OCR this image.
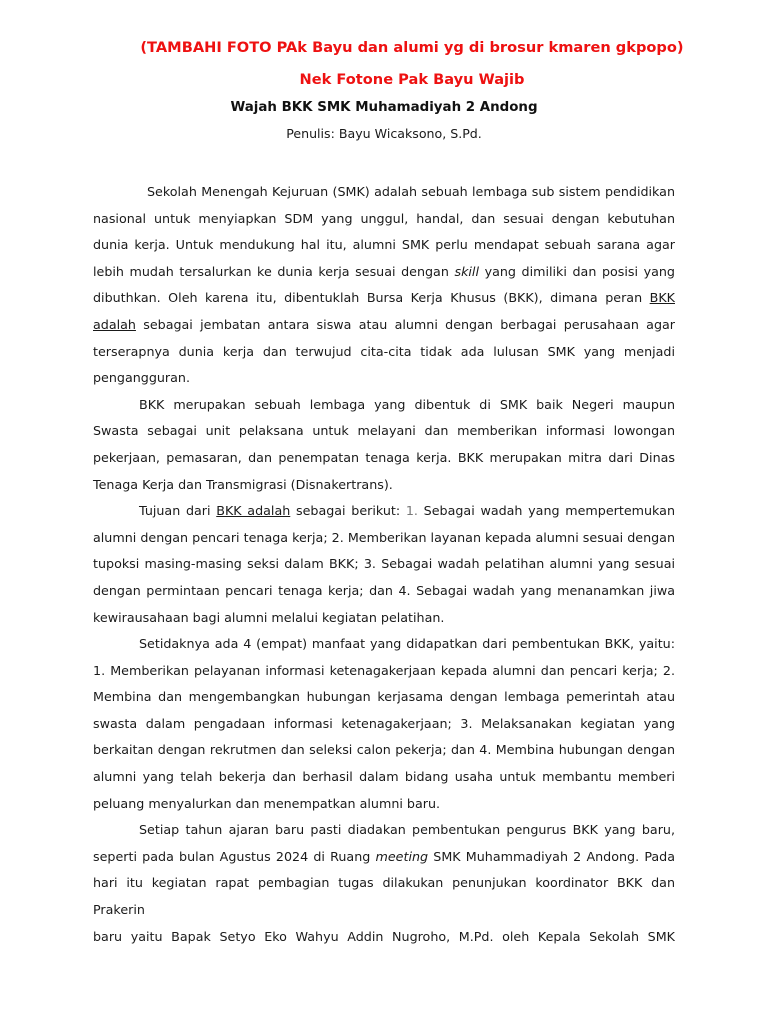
(TAMBAHI FOTO PAk Bayu dan alumi yg di brosur kmaren gkpopo)

Nek Fotone Pak Bayu Wajib

Wajah BKK SMK Muhamadiyah 2 Andong

Penulis: Bayu Wicaksono, S.Pd.

Sekolah Menengah Kejuruan (SMK) adalah sebuah lembaga sub sistem pendidikan nasional untuk menyiapkan SDM yang unggul, handal, dan sesuai dengan kebutuhan dunia kerja. Untuk mendukung hal itu, alumni SMK perlu mendapat sebuah sarana agar lebih mudah tersalurkan ke dunia kerja sesuai dengan skill yang dimiliki dan posisi yang dibuthkan. Oleh karena itu, dibentuklah Bursa Kerja Khusus (BKK), dimana peran BKK adalah sebagai jembatan antara siswa atau alumni dengan berbagai perusahaan agar terserapnya dunia kerja dan terwujud cita-cita tidak ada lulusan SMK yang menjadi pengangguran.

BKK merupakan sebuah lembaga yang dibentuk di SMK baik Negeri maupun Swasta sebagai unit pelaksana untuk melayani dan memberikan informasi lowongan pekerjaan, pemasaran, dan penempatan tenaga kerja. BKK merupakan mitra dari Dinas Tenaga Kerja dan Transmigrasi (Disnakertrans).

Tujuan dari BKK adalah sebagai berikut: 1. Sebagai wadah yang mempertemukan alumni dengan pencari tenaga kerja; 2. Memberikan layanan kepada alumni sesuai dengan tupoksi masing-masing seksi dalam BKK; 3. Sebagai wadah pelatihan alumni yang sesuai dengan permintaan pencari tenaga kerja; dan 4. Sebagai wadah yang menanamkan jiwa kewirausahaan bagi alumni melalui kegiatan pelatihan.

Setidaknya ada 4 (empat) manfaat yang didapatkan dari pembentukan BKK, yaitu: 1. Memberikan pelayanan informasi ketenagakerjaan kepada alumni dan pencari kerja; 2. Membina dan mengembangkan hubungan kerjasama dengan lembaga pemerintah atau swasta dalam pengadaan informasi ketenagakerjaan; 3. Melaksanakan kegiatan yang berkaitan dengan rekrutmen dan seleksi calon pekerja; dan 4. Membina hubungan dengan alumni yang telah bekerja dan berhasil dalam bidang usaha untuk membantu memberi peluang menyalurkan dan menempatkan alumni baru.

Setiap tahun ajaran baru pasti diadakan pembentukan pengurus BKK yang baru, seperti pada bulan Agustus 2024 di Ruang meeting SMK Muhammadiyah 2 Andong. Pada hari itu kegiatan rapat pembagian tugas dilakukan penunjukan koordinator BKK dan Prakerin

baru yaitu Bapak Setyo Eko Wahyu Addin Nugroho, M.Pd. oleh Kepala Sekolah SMK
